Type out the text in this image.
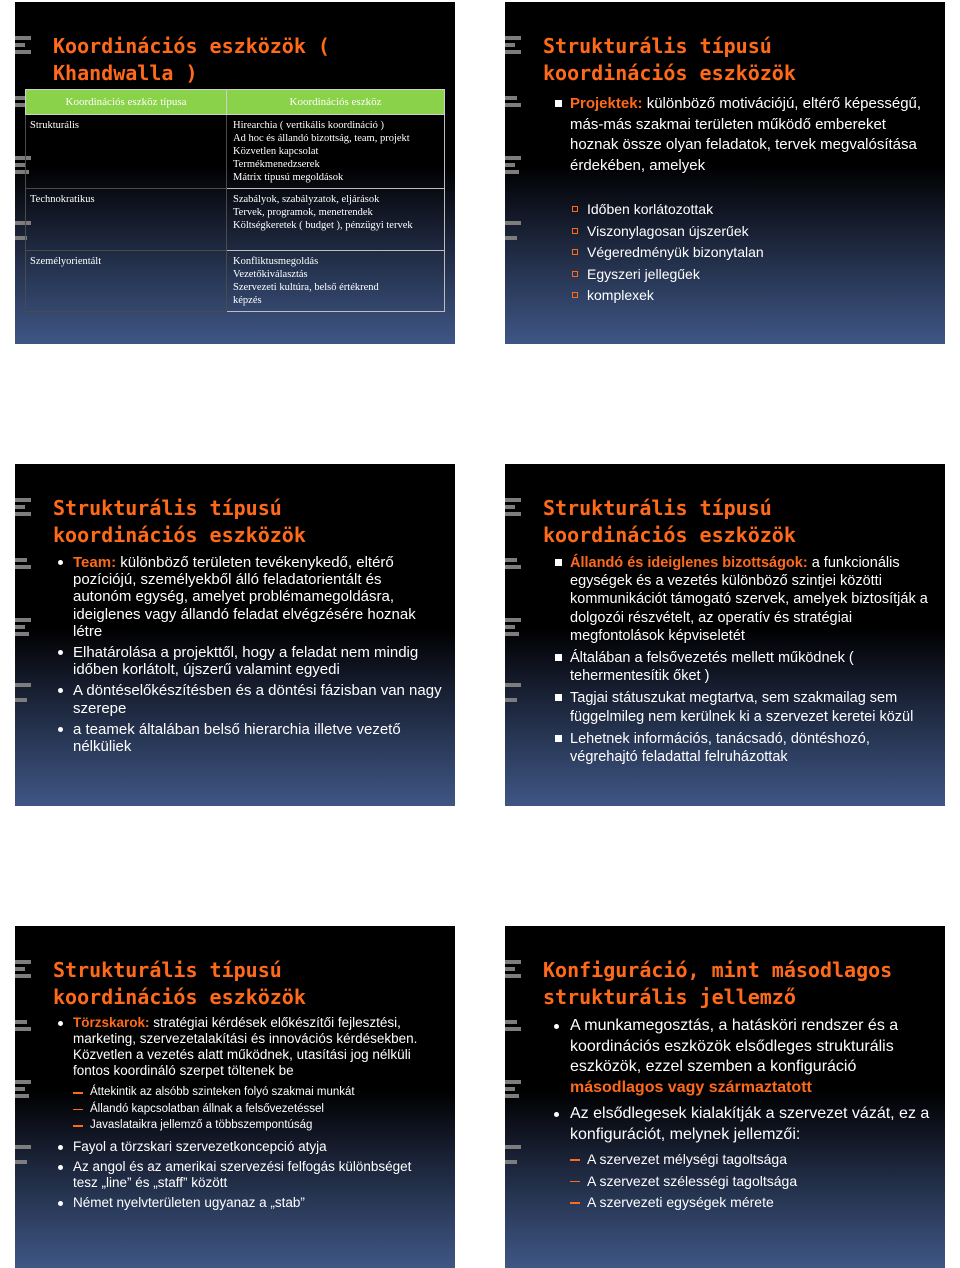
Koordinációs eszközök (
Khandwalla )
Koordinációs eszköz típusa	Koordinációs eszköz
Strukturális	Hirearchia ( vertikális koordináció )
Ad hoc és állandó bizottság, team, projekt
Közvetlen kapcsolat
Termékmenedzserek
Mátrix típusú megoldások

Technokratikus	Szabályok, szabályzatok, eljárások
Tervek, programok, menetrendek
Költségkeretek ( budget ), pénzügyi tervek

Személyorientált	Konfliktusmegoldás
Vezetőkiválasztás
Szervezeti kultúra, belső értékrend
képzés
Strukturális típusú
koordinációs eszközök
Projektek: különböző motivációjú, eltérő képességű, más-más szakmai területen működő embereket hoznak össze olyan feladatok, tervek megvalósítása érdekében, amelyek
Időben korlátozottak
Viszonylagosan újszerűek
Végeredményük bizonytalan
Egyszeri jellegűek
komplexek
Strukturális típusú
koordinációs eszközök
Team: különböző területen tevékenykedő, eltérő pozíciójú, személyekből álló feladatorientált és autonóm egység, amelyet problémamegoldásra, ideiglenes vagy állandó feladat elvégzésére hoznak létre
Elhatárolása a projekttől, hogy a feladat nem mindig időben korlátolt, újszerű valamint egyedi
A döntéselőkészítésben és a döntési fázisban van nagy szerepe
a teamek általában belső hierarchia illetve vezető nélküliek
Strukturális típusú
koordinációs eszközök
Állandó és ideiglenes bizottságok: a funkcionális egységek és a vezetés különböző szintjei közötti kommunikációt támogató szervek, amelyek biztosítják a dolgozói részvételt, az operatív és stratégiai megfontolások képviseletét
Általában a felsővezetés mellett működnek ( tehermentesítik őket )
Tagjai státuszukat megtartva, sem szakmailag sem függelmileg nem kerülnek ki a szervezet keretei közül
Lehetnek információs, tanácsadó, döntéshozó, végrehajtó feladattal felruházottak
Strukturális típusú
koordinációs eszközök
Törzskarok: stratégiai kérdések előkészítői fejlesztési, marketing, szervezetalakítási és innovációs kérdésekben. Közvetlen a vezetés alatt működnek, utasítási jog nélküli fontos koordináló szerpet töltenek be
Áttekintik az alsóbb szinteken folyó szakmai munkát
Állandó kapcsolatban állnak a felsővezetéssel
Javaslataikra jellemző a többszempontúság
Fayol a törzskari szervezetkoncepció atyja
Az angol és az amerikai szervezési felfogás különbséget tesz „line” és „staff” között
Német nyelvterületen ugyanaz a „stab”
Konfiguráció, mint másodlagos
strukturális jellemző
A munkamegosztás, a hatásköri rendszer és a koordinációs eszközök elsődleges strukturális eszközök, ezzel szemben a konfiguráció másodlagos vagy származtatott
Az elsődlegesek kialakítják a szervezet vázát, ez a konfigurációt, melynek jellemzői:
A szervezet mélységi tagoltsága
A szervezet szélességi tagoltsága
A szervezeti egységek mérete
